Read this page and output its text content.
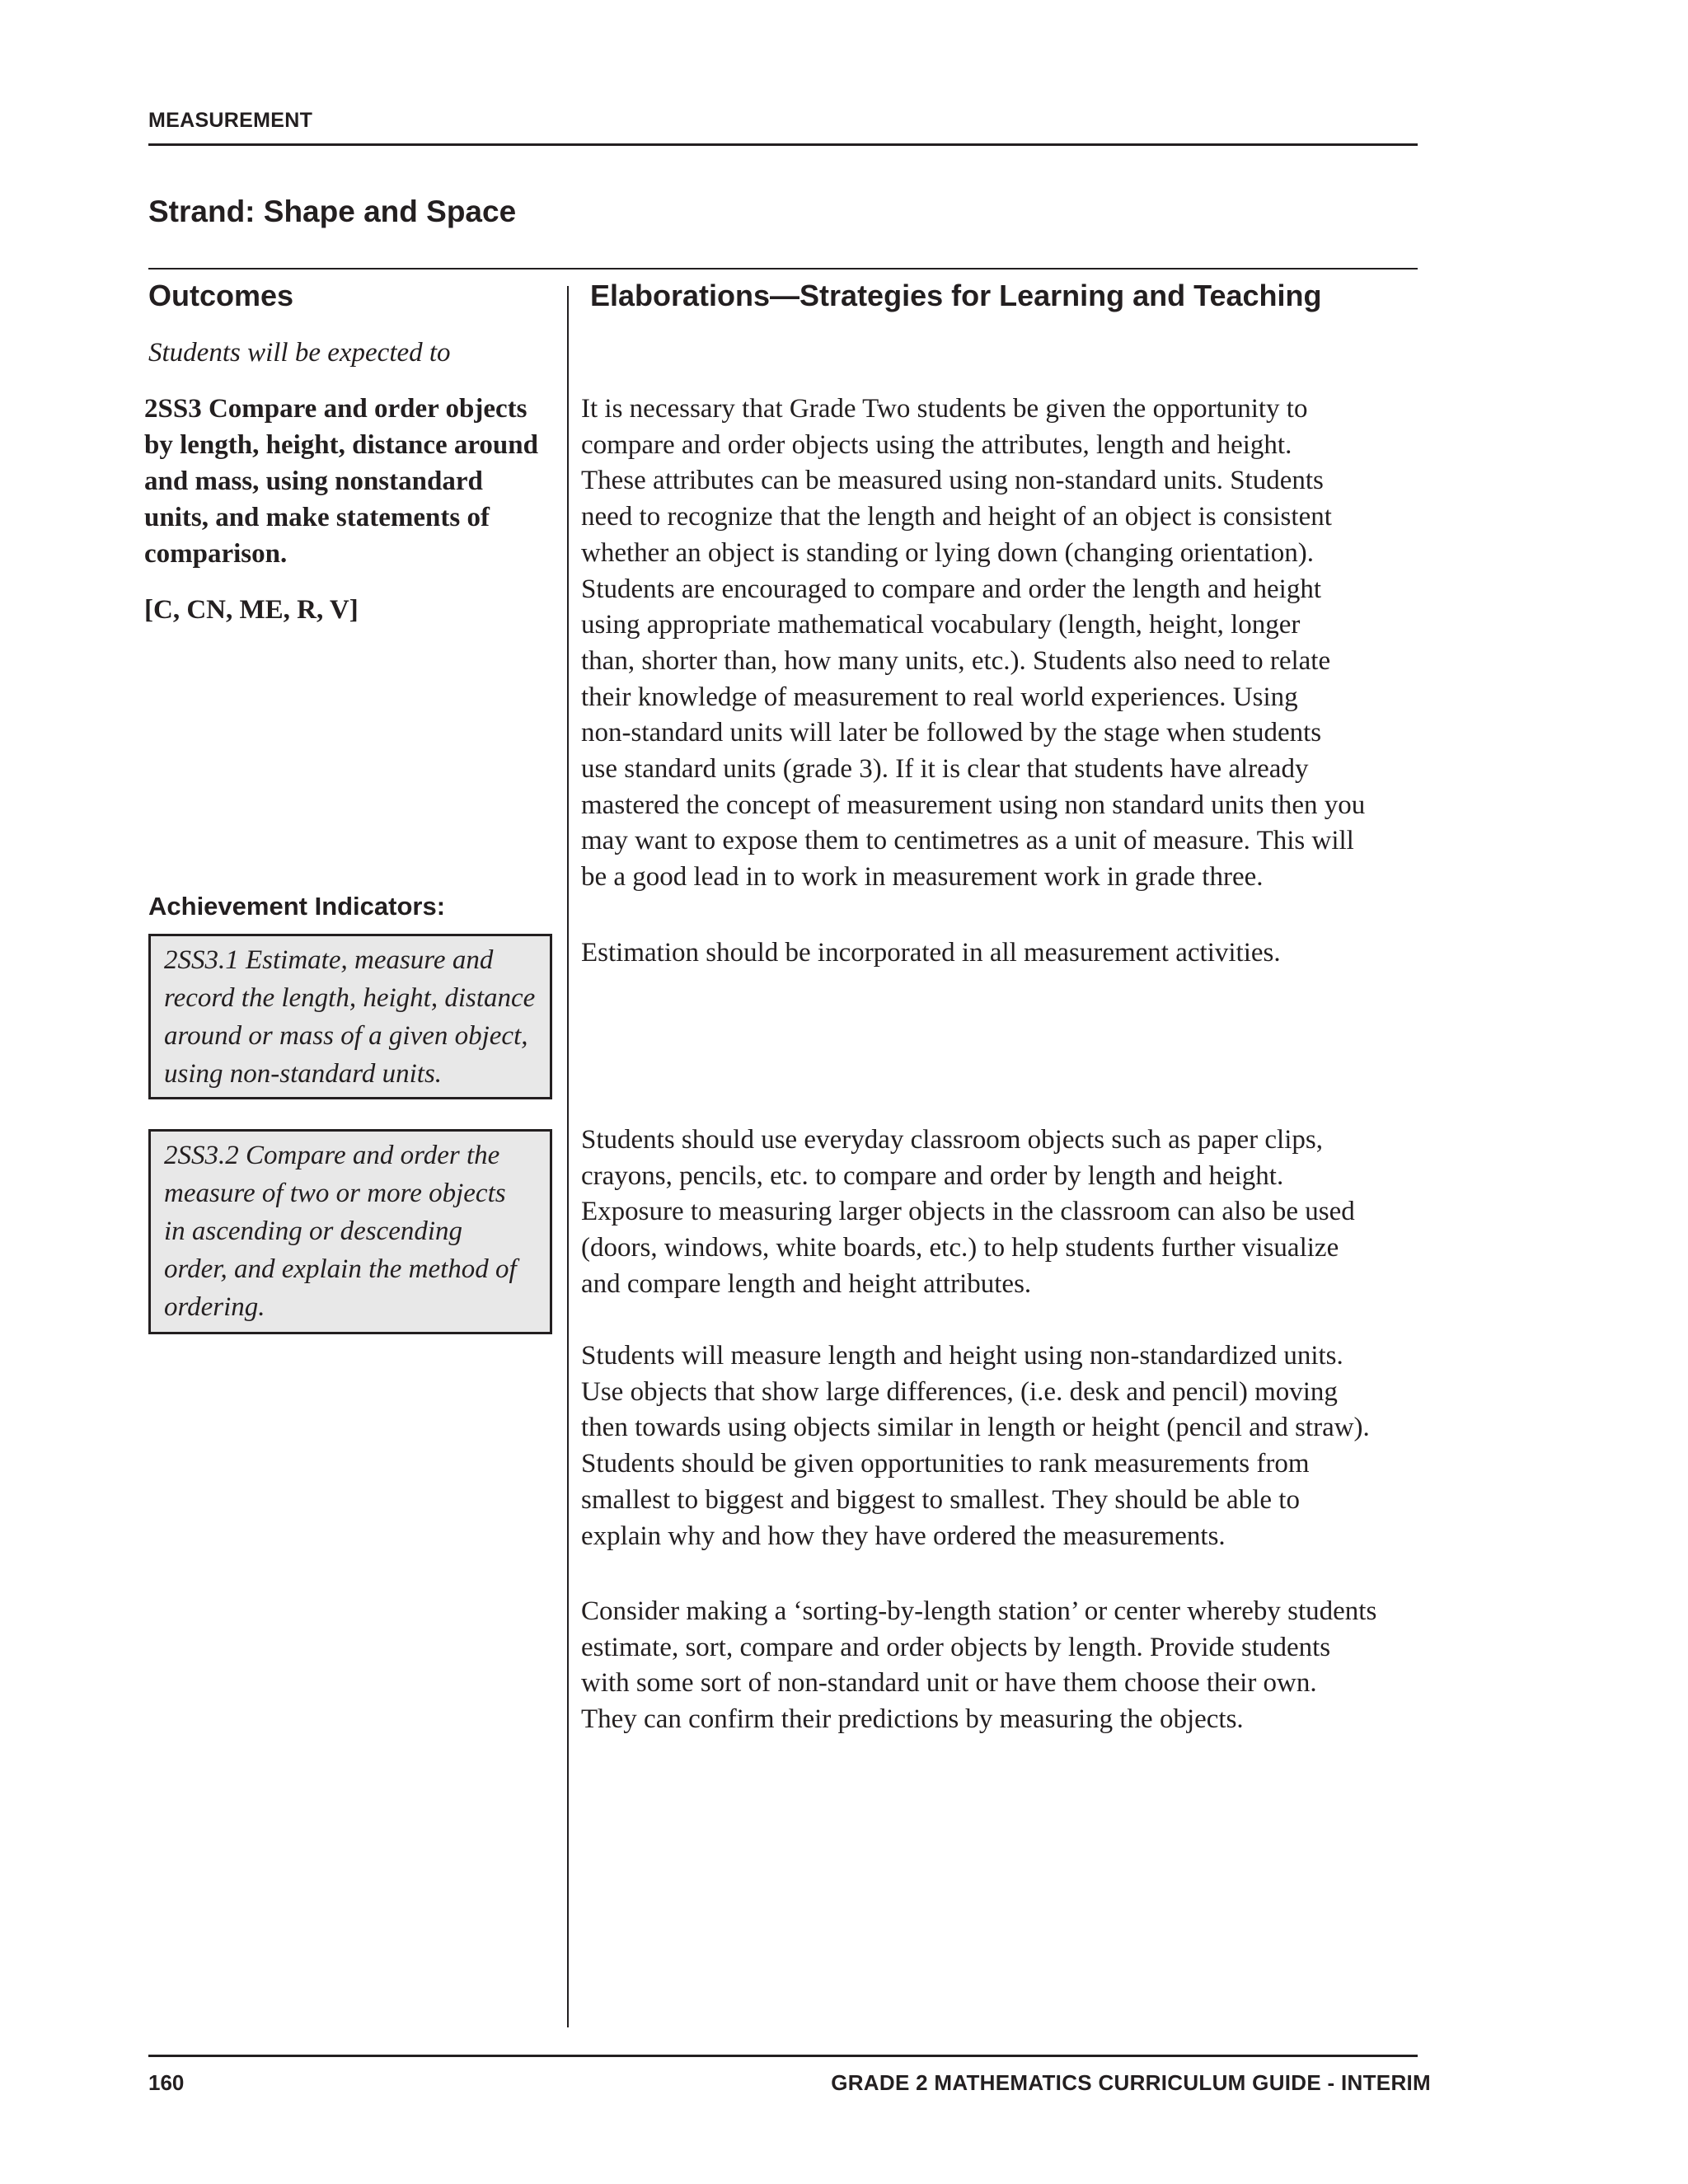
MEASUREMENT
Strand: Shape and Space
Outcomes	Elaborations—Strategies for Learning and Teaching
Students will be expected to
2SS3 Compare and order objects
by length, height, distance around
and mass, using nonstandard
units, and make statements of
comparison.
[C, CN, ME, R, V]
Achievement Indicators:
2SS3.1 Estimate, measure and
record the length, height, distance
around or mass of a given object,
using non-standard units.
2SS3.2 Compare and order the
measure of two or more objects
in ascending or descending
order, and explain the method of
ordering.
It is necessary that Grade Two students be given the opportunity to
compare and order objects using the attributes, length and height.
These attributes can be measured using non-standard units. Students
need to recognize that the length and height of an object is consistent
whether an object is standing or lying down (changing orientation).
Students are encouraged to compare and order the length and height
using appropriate mathematical vocabulary (length, height, longer
than, shorter than, how many units, etc.). Students also need to relate
their knowledge of measurement to real world experiences. Using
non-standard units will later be followed by the stage when students
use standard units (grade 3). If it is clear that students have already
mastered the concept of measurement using non standard units then you
may want to expose them to centimetres as a unit of measure. This will
be a good lead in to work in measurement work in grade three.
Estimation should be incorporated in all measurement activities.
Students should use everyday classroom objects such as paper clips,
crayons, pencils, etc. to compare and order by length and height.
Exposure to measuring larger objects in the classroom can also be used
(doors, windows, white boards, etc.) to help students further visualize
and compare length and height attributes.
Students will measure length and height using non-standardized units.
Use objects that show large differences, (i.e. desk and pencil) moving
then towards using objects similar in length or height (pencil and straw).
Students should be given opportunities to rank measurements from
smallest to biggest and biggest to smallest. They should be able to
explain why and how they have ordered the measurements.
Consider making a ‘sorting-by-length station’ or center whereby students
estimate, sort, compare and order objects by length. Provide students
with some sort of non-standard unit or have them choose their own.
They can confirm their predictions by measuring the objects.
160	GRADE 2 MATHEMATICS CURRICULUM GUIDE - INTERIM
